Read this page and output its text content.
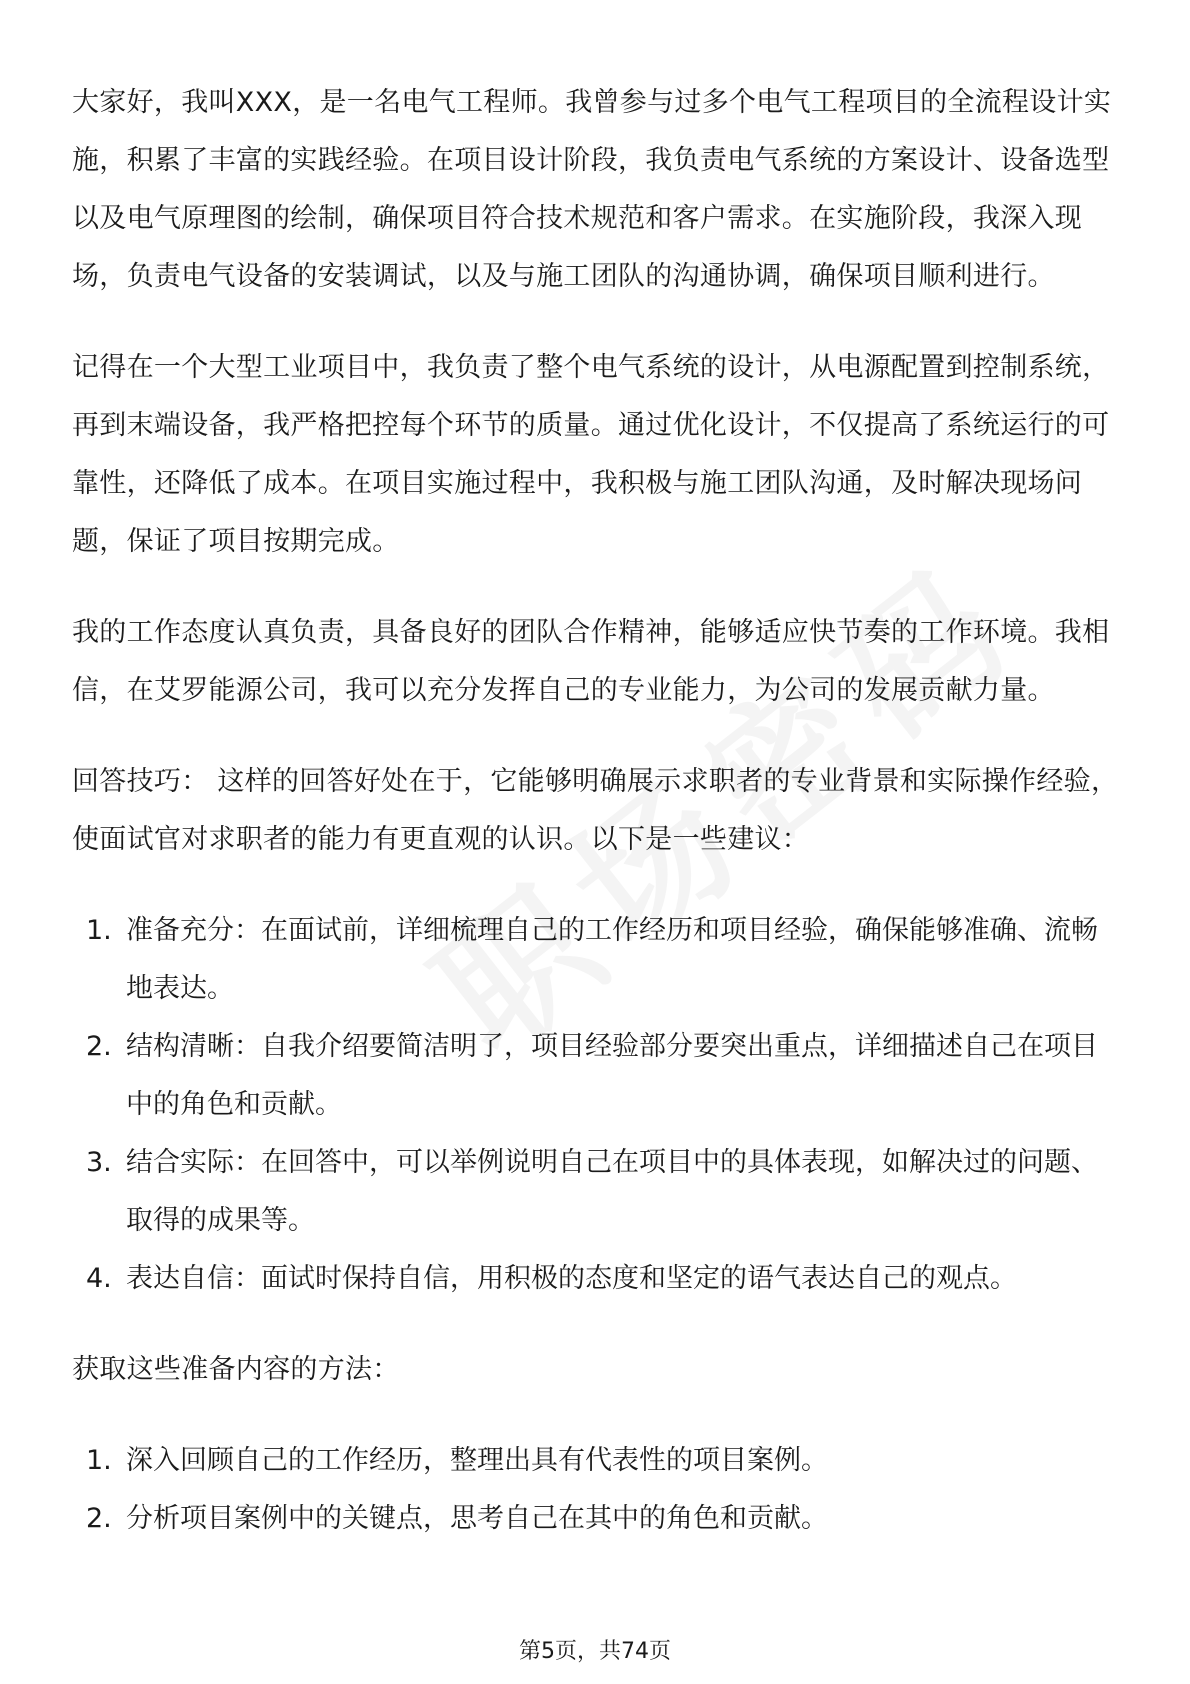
大家好，我叫XXX，是一名电气工程师。我曾参与过多个电气工程项目的全流程设计实施，积累了丰富的实践经验。在项目设计阶段，我负责电气系统的方案设计、设备选型以及电气原理图的绘制，确保项目符合技术规范和客户需求。在实施阶段，我深入现场，负责电气设备的安装调试，以及与施工团队的沟通协调，确保项目顺利进行。

记得在一个大型工业项目中，我负责了整个电气系统的设计，从电源配置到控制系统，再到末端设备，我严格把控每个环节的质量。通过优化设计，不仅提高了系统运行的可靠性，还降低了成本。在项目实施过程中，我积极与施工团队沟通，及时解决现场问题，保证了项目按期完成。

我的工作态度认真负责，具备良好的团队合作精神，能够适应快节奏的工作环境。我相信，在艾罗能源公司，我可以充分发挥自己的专业能力，为公司的发展贡献力量。

回答技巧： 这样的回答好处在于，它能够明确展示求职者的专业背景和实际操作经验，使面试官对求职者的能力有更直观的认识。以下是一些建议：

1. 准备充分：在面试前，详细梳理自己的工作经历和项目经验，确保能够准确、流畅地表达。
2. 结构清晰：自我介绍要简洁明了，项目经验部分要突出重点，详细描述自己在项目中的角色和贡献。
3. 结合实际：在回答中，可以举例说明自己在项目中的具体表现，如解决过的问题、取得的成果等。
4. 表达自信：面试时保持自信，用积极的态度和坚定的语气表达自己的观点。

获取这些准备内容的方法：

1. 深入回顾自己的工作经历，整理出具有代表性的项目案例。
2. 分析项目案例中的关键点，思考自己在其中的角色和贡献。
第5页，共74页
